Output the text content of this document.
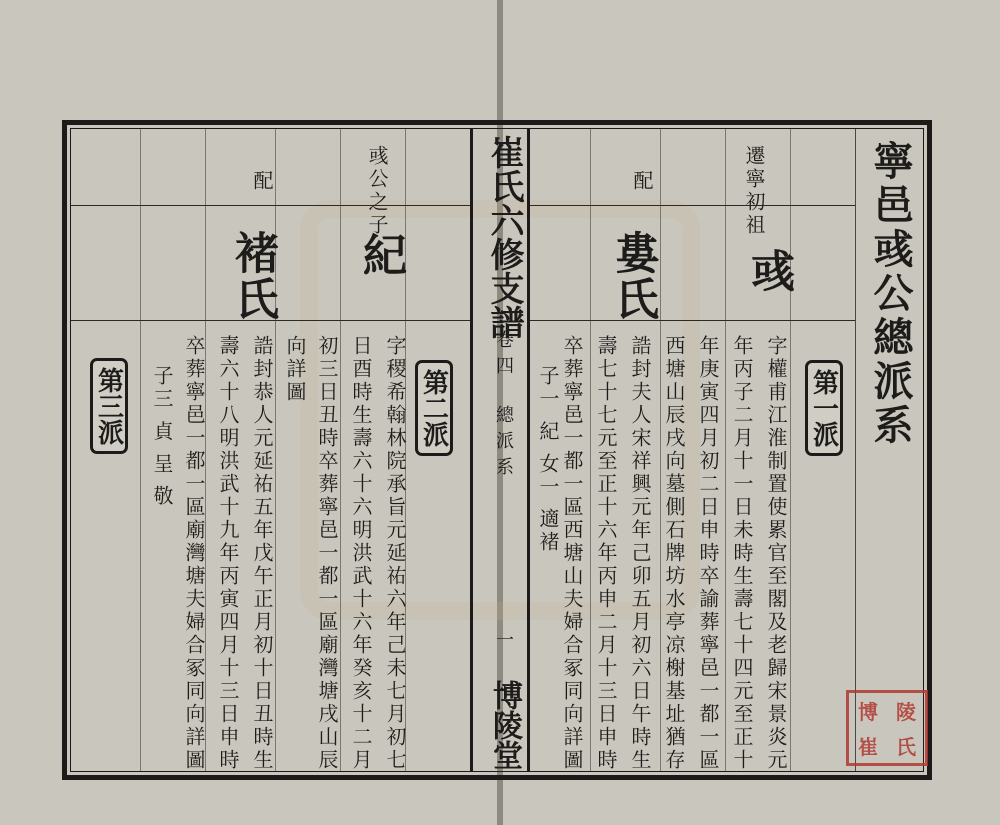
寧邑彧公總派系
崔氏六修支譜
卷四
總派系
一
博陵堂
遷寧初祖
彧
配
婁氏
第一派
字權甫江淮制置使累官至閣及老歸宋景炎元
年丙子二月十一日未時生壽七十四元至正十
年庚寅四月初二日申時卒諭葬寧邑一都一區
西塘山辰戌向墓側石牌坊水亭凉榭基址猶存
誥封夫人宋祥興元年己卯五月初六日午時生
壽七十七元至正十六年丙申二月十三日申時
卒葬寧邑一都一區西塘山夫婦合冢同向詳圖
子一 紀 女一 適褚
彧公之子
紀
配
褚氏
第二派
第三派	字稷希翰林院承旨元延祐六年己未七月初七
日酉時生壽六十六明洪武十六年癸亥十二月
初三日丑時卒葬寧邑一都一區廟灣塘戌山辰
向詳圖
誥封恭人元延祐五年戊午正月初十日丑時生
壽六十八明洪武十九年丙寅四月十三日申時
卒葬寧邑一都一區廟灣塘夫婦合冢同向詳圖
子三 貞 呈 敬
博 陵
崔 氏
